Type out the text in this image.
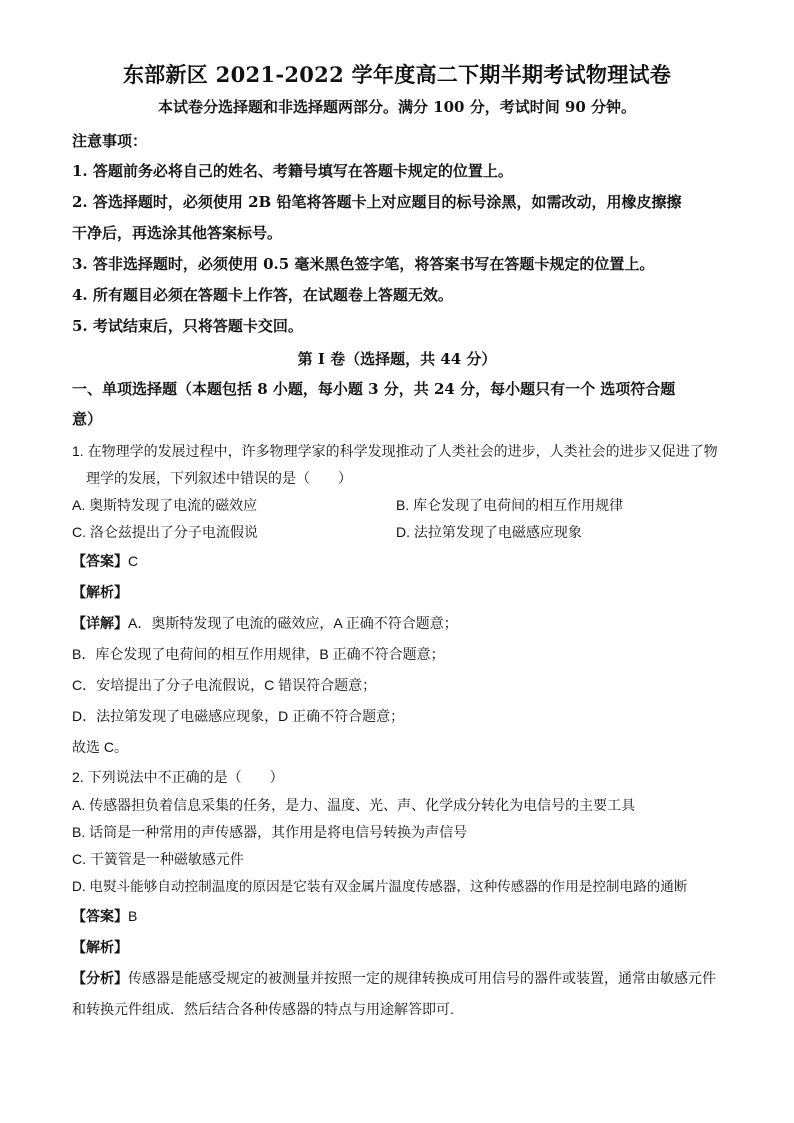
东部新区 2021-2022 学年度高二下期半期考试物理试卷

本试卷分选择题和非选择题两部分。满分 100 分，考试时间 90 分钟。

注意事项：

1. 答题前务必将自己的姓名、考籍号填写在答题卡规定的位置上。

2. 答选择题时，必须使用 2B 铅笔将答题卡上对应题目的标号涂黑，如需改动，用橡皮擦擦

干净后，再选涂其他答案标号。

3. 答非选择题时，必须使用 0.5 毫米黑色签字笔，将答案书写在答题卡规定的位置上。

4. 所有题目必须在答题卡上作答，在试题卷上答题无效。

5. 考试结束后，只将答题卡交回。

第 I 卷（选择题，共 44 分）

一、单项选择题（本题包括 8 小题，每小题 3 分，共 24 分，每小题只有一个 选项符合题

意）

1. 在物理学的发展过程中，许多物理学家的科学发现推动了人类社会的进步，人类社会的进步又促进了物

理学的发展，下列叙述中错误的是（　　）

A. 奥斯特发现了电流的磁效应	B. 库仑发现了电荷间的相互作用规律
C. 洛仑兹提出了分子电流假说	D. 法拉第发现了电磁感应现象

【答案】C

【解析】

【详解】A．奥斯特发现了电流的磁效应，A 正确不符合题意；

B．库仑发现了电荷间的相互作用规律，B 正确不符合题意；

C．安培提出了分子电流假说，C 错误符合题意；

D．法拉第发现了电磁感应现象，D 正确不符合题意；

故选 C。

2. 下列说法中不正确的是（　　）

A. 传感器担负着信息采集的任务，是力、温度、光、声、化学成分转化为电信号的主要工具
B. 话筒是一种常用的声传感器，其作用是将电信号转换为声信号
C. 干簧管是一种磁敏感元件
D. 电熨斗能够自动控制温度的原因是它装有双金属片温度传感器，这种传感器的作用是控制电路的通断

【答案】B

【解析】

【分析】传感器是能感受规定的被测量并按照一定的规律转换成可用信号的器件或装置，通常由敏感元件

和转换元件组成．然后结合各种传感器的特点与用途解答即可.
